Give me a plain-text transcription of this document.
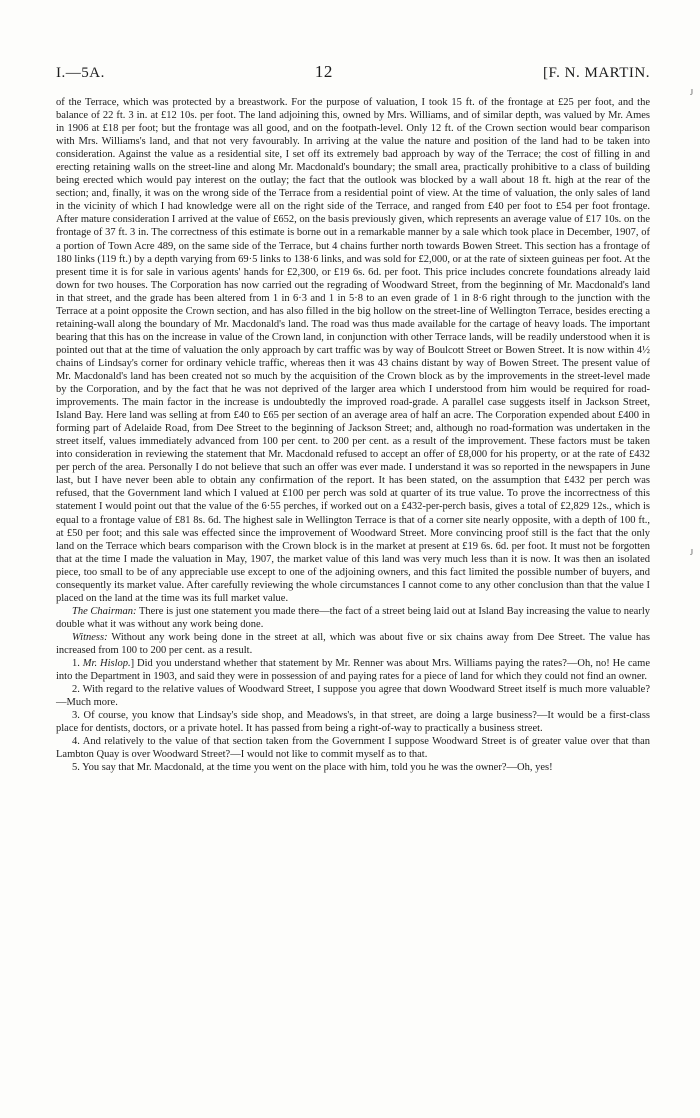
I.—5A.	12	[F. N. MARTIN.

of the Terrace, which was protected by a breastwork. For the purpose of valuation, I took 15 ft. of the frontage at £25 per foot, and the balance of 22 ft. 3 in. at £12 10s. per foot. The land adjoining this, owned by Mrs. Williams, and of similar depth, was valued by Mr. Ames in 1906 at £18 per foot; but the frontage was all good, and on the footpath-level. Only 12 ft. of the Crown section would bear comparison with Mrs. Williams's land, and that not very favourably. In arriving at the value the nature and position of the land had to be taken into consideration. Against the value as a residential site, I set off its extremely bad approach by way of the Terrace; the cost of filling in and erecting retaining walls on the street-line and along Mr. Macdonald's boundary; the small area, practically prohibitive to a class of building being erected which would pay interest on the outlay; the fact that the outlook was blocked by a wall about 18 ft. high at the rear of the section; and, finally, it was on the wrong side of the Terrace from a residential point of view. At the time of valuation, the only sales of land in the vicinity of which I had knowledge were all on the right side of the Terrace, and ranged from £40 per foot to £54 per foot frontage. After mature consideration I arrived at the value of £652, on the basis previously given, which represents an average value of £17 10s. on the frontage of 37 ft. 3 in. The correctness of this estimate is borne out in a remarkable manner by a sale which took place in December, 1907, of a portion of Town Acre 489, on the same side of the Terrace, but 4 chains further north towards Bowen Street. This section has a frontage of 180 links (119 ft.) by a depth varying from 69·5 links to 138·6 links, and was sold for £2,000, or at the rate of sixteen guineas per foot. At the present time it is for sale in various agents' hands for £2,300, or £19 6s. 6d. per foot. This price includes concrete foundations already laid down for two houses. The Corporation has now carried out the regrading of Woodward Street, from the beginning of Mr. Macdonald's land in that street, and the grade has been altered from 1 in 6·3 and 1 in 5·8 to an even grade of 1 in 8·6 right through to the junction with the Terrace at a point opposite the Crown section, and has also filled in the big hollow on the street-line of Wellington Terrace, besides erecting a retaining-wall along the boundary of Mr. Macdonald's land. The road was thus made available for the cartage of heavy loads. The important bearing that this has on the increase in value of the Crown land, in conjunction with other Terrace lands, will be readily understood when it is pointed out that at the time of valuation the only approach by cart traffic was by way of Boulcott Street or Bowen Street. It is now within 4½ chains of Lindsay's corner for ordinary vehicle traffic, whereas then it was 43 chains distant by way of Bowen Street. The present value of Mr. Macdonald's land has been created not so much by the acquisition of the Crown block as by the improvements in the street-level made by the Corporation, and by the fact that he was not deprived of the larger area which I understood from him would be required for road-improvements. The main factor in the increase is undoubtedly the improved road-grade. A parallel case suggests itself in Jackson Street, Island Bay. Here land was selling at from £40 to £65 per section of an average area of half an acre. The Corporation expended about £400 in forming part of Adelaide Road, from Dee Street to the beginning of Jackson Street; and, although no road-formation was undertaken in the street itself, values immediately advanced from 100 per cent. to 200 per cent. as a result of the improvement. These factors must be taken into consideration in reviewing the statement that Mr. Macdonald refused to accept an offer of £8,000 for his property, or at the rate of £432 per perch of the area. Personally I do not believe that such an offer was ever made. I understand it was so reported in the newspapers in June last, but I have never been able to obtain any confirmation of the report. It has been stated, on the assumption that £432 per perch was refused, that the Government land which I valued at £100 per perch was sold at quarter of its true value. To prove the incorrectness of this statement I would point out that the value of the 6·55 perches, if worked out on a £432-per-perch basis, gives a total of £2,829 12s., which is equal to a frontage value of £81 8s. 6d. The highest sale in Wellington Terrace is that of a corner site nearly opposite, with a depth of 100 ft., at £50 per foot; and this sale was effected since the improvement of Woodward Street. More convincing proof still is the fact that the only land on the Terrace which bears comparison with the Crown block is in the market at present at £19 6s. 6d. per foot. It must not be forgotten that at the time I made the valuation in May, 1907, the market value of this land was very much less than it is now. It was then an isolated piece, too small to be of any appreciable use except to one of the adjoining owners, and this fact limited the possible number of buyers, and consequently its market value. After carefully reviewing the whole circumstances I cannot come to any other conclusion than that the value I placed on the land at the time was its full market value.

The Chairman: There is just one statement you made there—the fact of a street being laid out at Island Bay increasing the value to nearly double what it was without any work being done.

Witness: Without any work being done in the street at all, which was about five or six chains away from Dee Street. The value has increased from 100 to 200 per cent. as a result.

1. Mr. Hislop.] Did you understand whether that statement by Mr. Renner was about Mrs. Williams paying the rates?—Oh, no! He came into the Department in 1903, and said they were in possession of and paying rates for a piece of land for which they could not find an owner.

2. With regard to the relative values of Woodward Street, I suppose you agree that down Woodward Street itself is much more valuable?—Much more.

3. Of course, you know that Lindsay's side shop, and Meadows's, in that street, are doing a large business?—It would be a first-class place for dentists, doctors, or a private hotel. It has passed from being a right-of-way to practically a business street.

4. And relatively to the value of that section taken from the Government I suppose Woodward Street is of greater value over that than Lambton Quay is over Woodward Street?—I would not like to commit myself as to that.

5. You say that Mr. Macdonald, at the time you went on the place with him, told you he was the owner?—Oh, yes!

J
J
